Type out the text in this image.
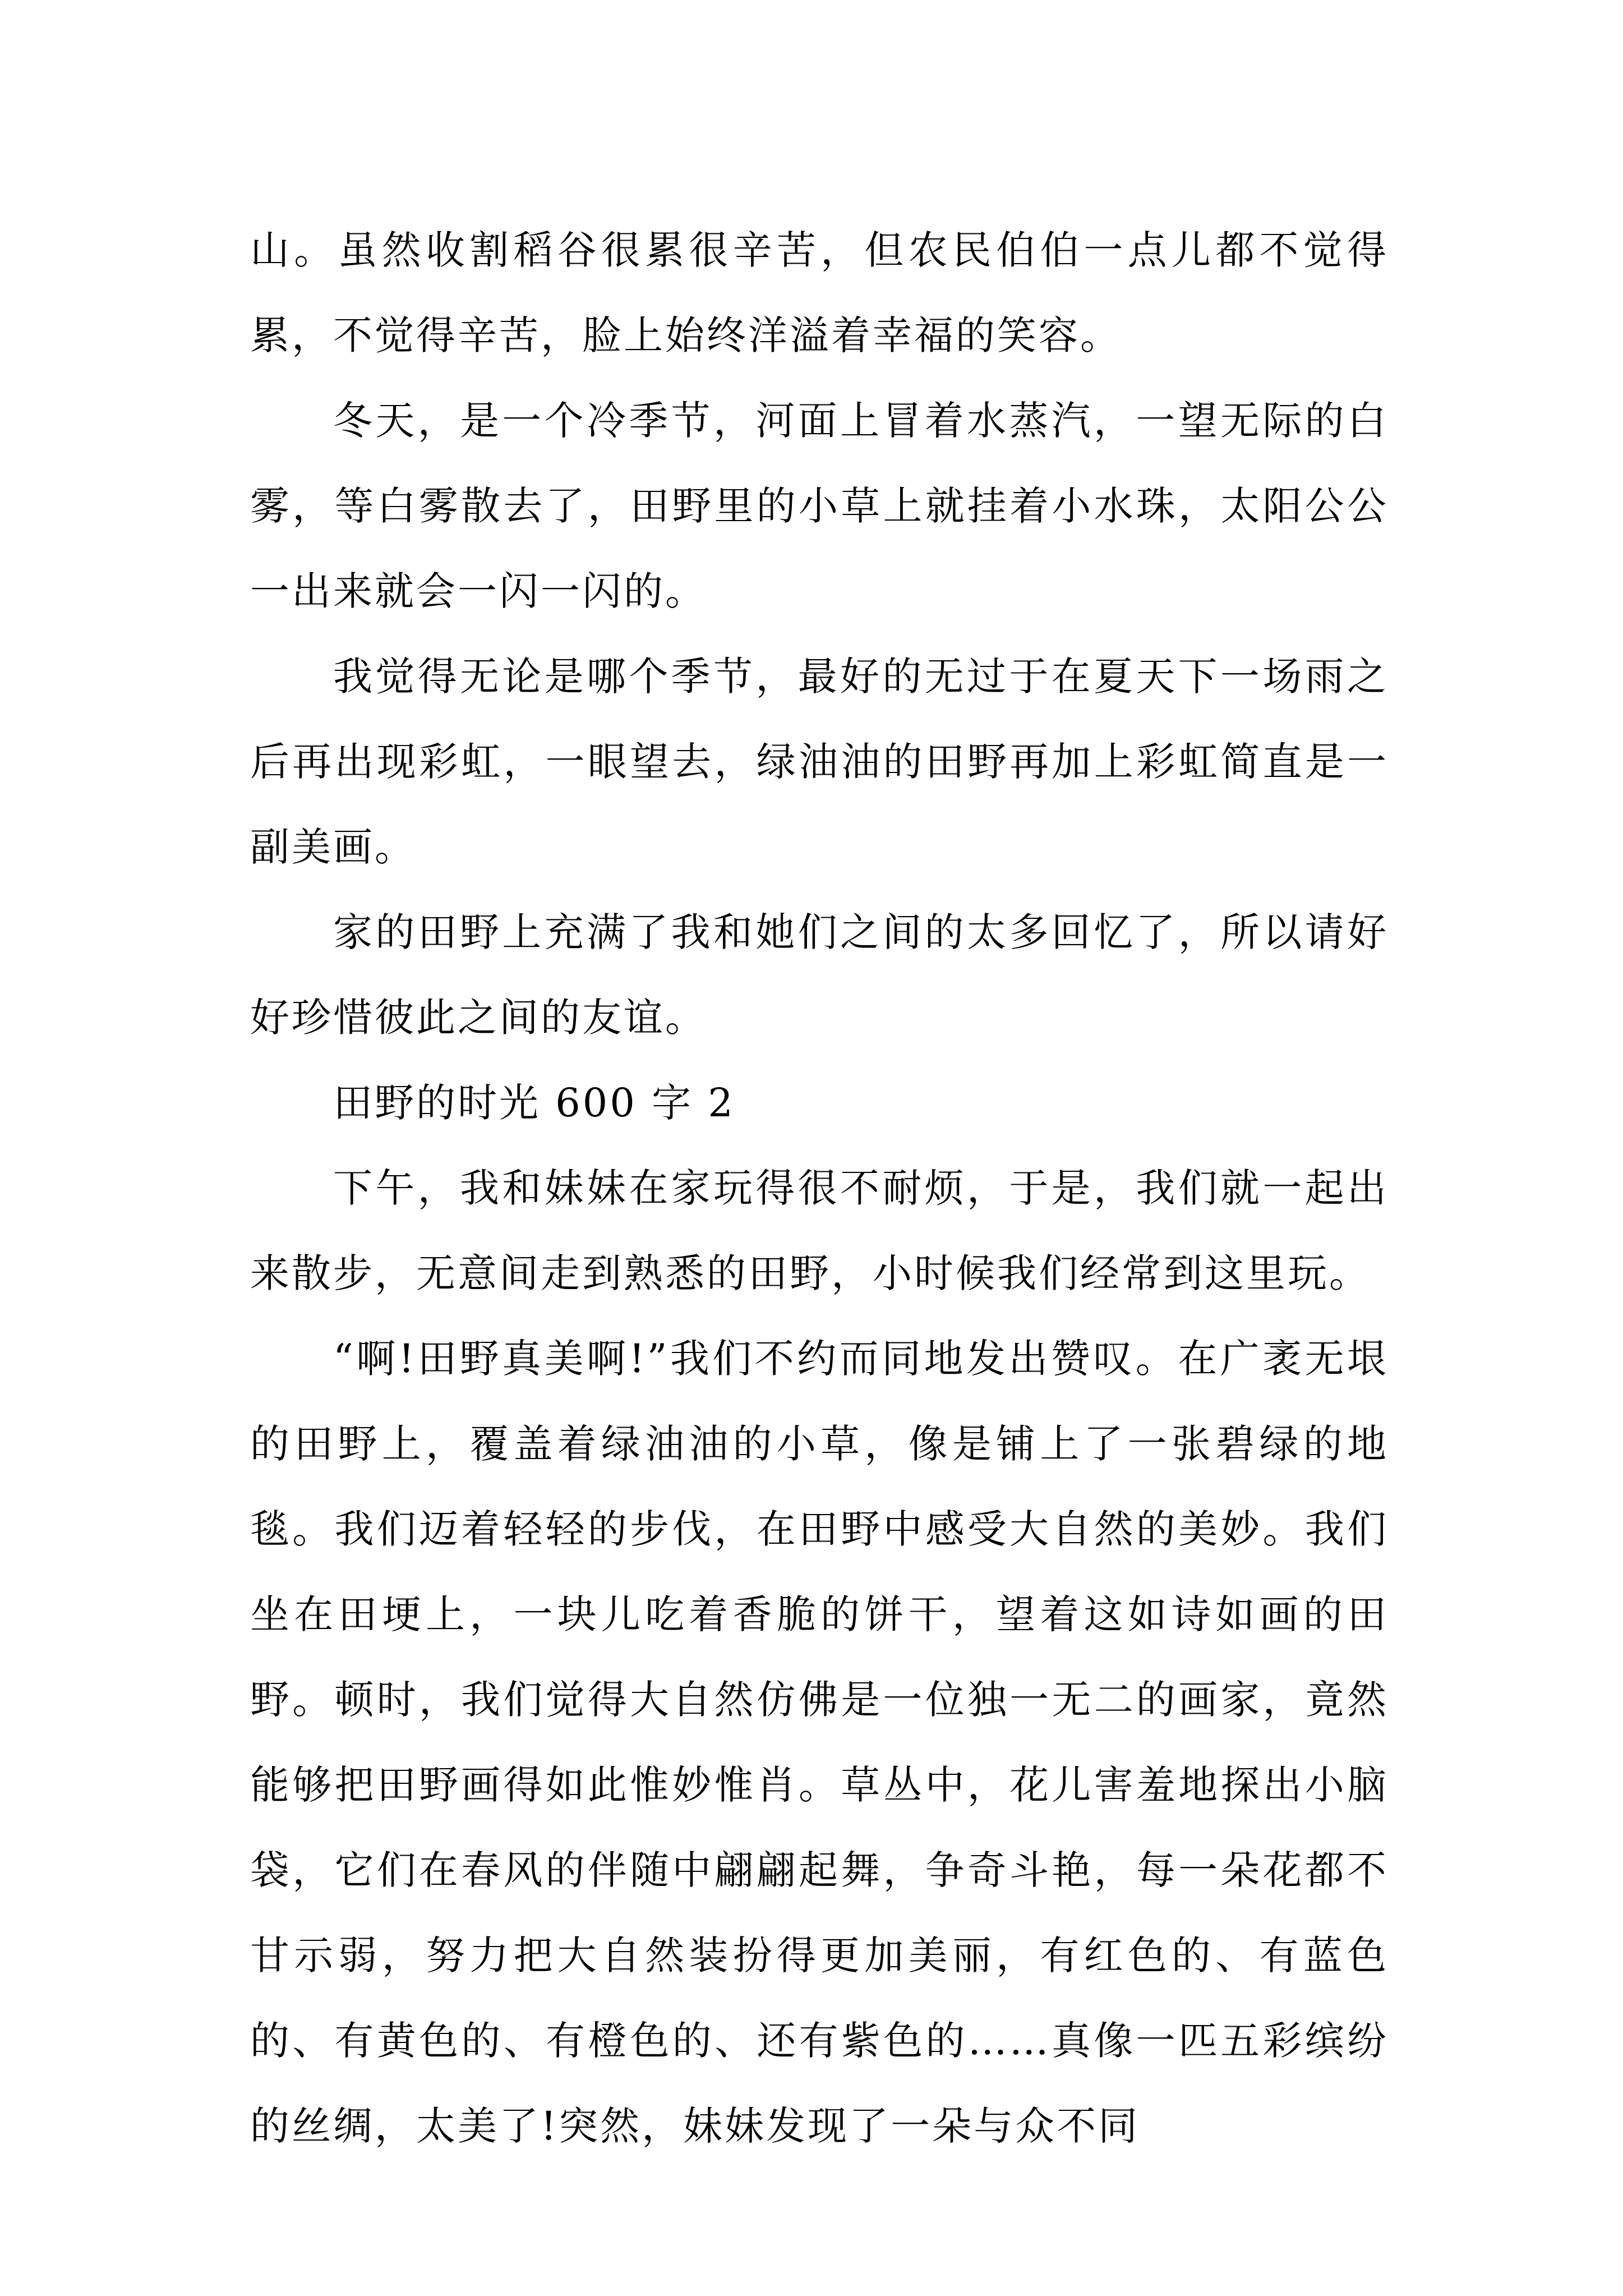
山。虽然收割稻谷很累很辛苦，但农民伯伯一点儿都不觉得累，不觉得辛苦，脸上始终洋溢着幸福的笑容。

冬天，是一个冷季节，河面上冒着水蒸汽，一望无际的白雾，等白雾散去了，田野里的小草上就挂着小水珠，太阳公公一出来就会一闪一闪的。

我觉得无论是哪个季节，最好的无过于在夏天下一场雨之后再出现彩虹，一眼望去，绿油油的田野再加上彩虹简直是一副美画。

家的田野上充满了我和她们之间的太多回忆了，所以请好好珍惜彼此之间的友谊。

田野的时光 600 字 2

下午，我和妹妹在家玩得很不耐烦，于是，我们就一起出来散步，无意间走到熟悉的田野，小时候我们经常到这里玩。

“啊!田野真美啊!”我们不约而同地发出赞叹。在广袤无垠的田野上，覆盖着绿油油的小草，像是铺上了一张碧绿的地毯。我们迈着轻轻的步伐，在田野中感受大自然的美妙。我们坐在田埂上，一块儿吃着香脆的饼干，望着这如诗如画的田野。顿时，我们觉得大自然仿佛是一位独一无二的画家，竟然能够把田野画得如此惟妙惟肖。草丛中，花儿害羞地探出小脑袋，它们在春风的伴随中翩翩起舞，争奇斗艳，每一朵花都不甘示弱，努力把大自然装扮得更加美丽，有红色的、有蓝色的、有黄色的、有橙色的、还有紫色的……真像一匹五彩缤纷的丝绸，太美了!突然，妹妹发现了一朵与众不同
